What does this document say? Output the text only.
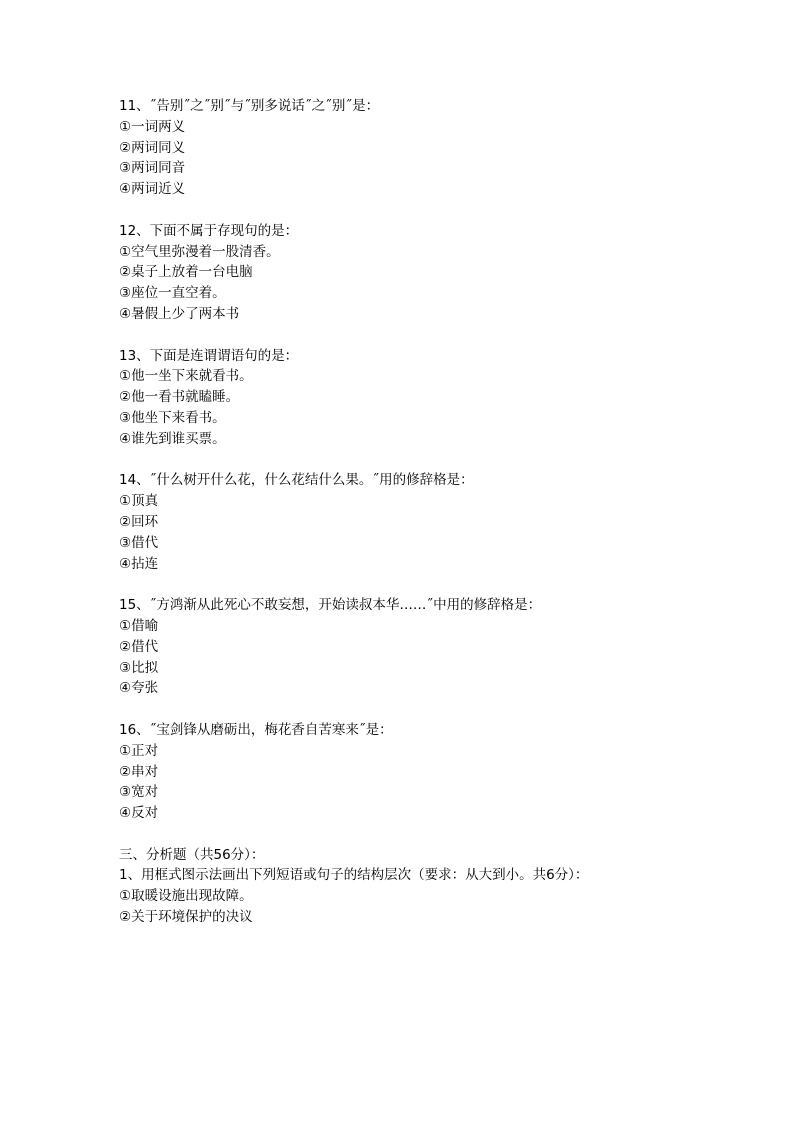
11、˝告别˝之˝别˝与˝别多说话˝之˝别˝是：
①一词两义
②两词同义
③两词同音
④两词近义
12、下面不属于存现句的是：
①空气里弥漫着一股清香。
②桌子上放着一台电脑
③座位一直空着。
④暑假上少了两本书
13、下面是连谓谓语句的是：
①他一坐下来就看书。
②他一看书就瞌睡。
③他坐下来看书。
④谁先到谁买票。
14、˝什么树开什么花，什么花结什么果。˝用的修辞格是：
①顶真
②回环
③借代
④拈连
15、˝方鸿渐从此死心不敢妄想，开始读叔本华……˝中用的修辞格是：
①借喻
②借代
③比拟
④夸张
16、˝宝剑锋从磨砺出，梅花香自苦寒来˝是：
①正对
②串对
③宽对
④反对
三、分析题（共56分）：
1、用框式图示法画出下列短语或句子的结构层次（要求：从大到小。共6分）：
①取暖设施出现故障。
②关于环境保护的决议
